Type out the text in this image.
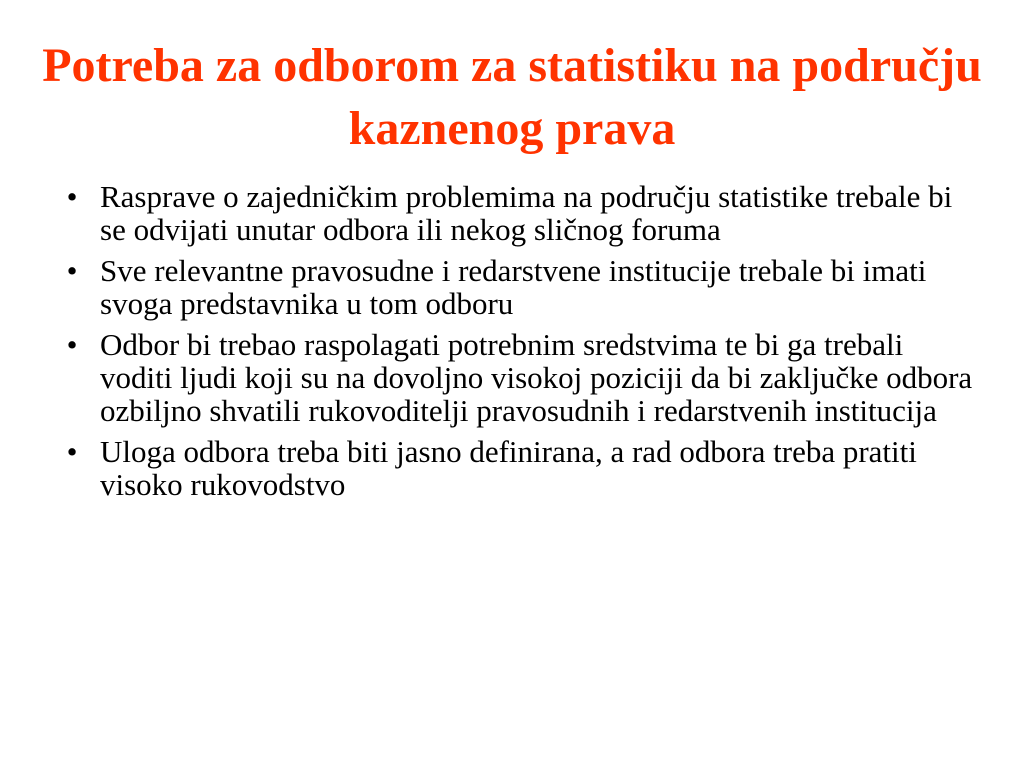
Potreba za odborom za statistiku na području kaznenog prava
• Rasprave o zajedničkim problemima na području statistike trebale bi se odvijati unutar odbora ili nekog sličnog foruma
• Sve relevantne pravosudne i redarstvene institucije trebale bi imati svoga predstavnika u tom odboru
• Odbor bi trebao raspolagati potrebnim sredstvima te bi ga trebali voditi ljudi koji su na dovoljno visokoj poziciji da bi zaključke odbora ozbiljno shvatili rukovoditelji pravosudnih i redarstvenih institucija
• Uloga odbora treba biti jasno definirana, a rad odbora treba pratiti visoko rukovodstvo
